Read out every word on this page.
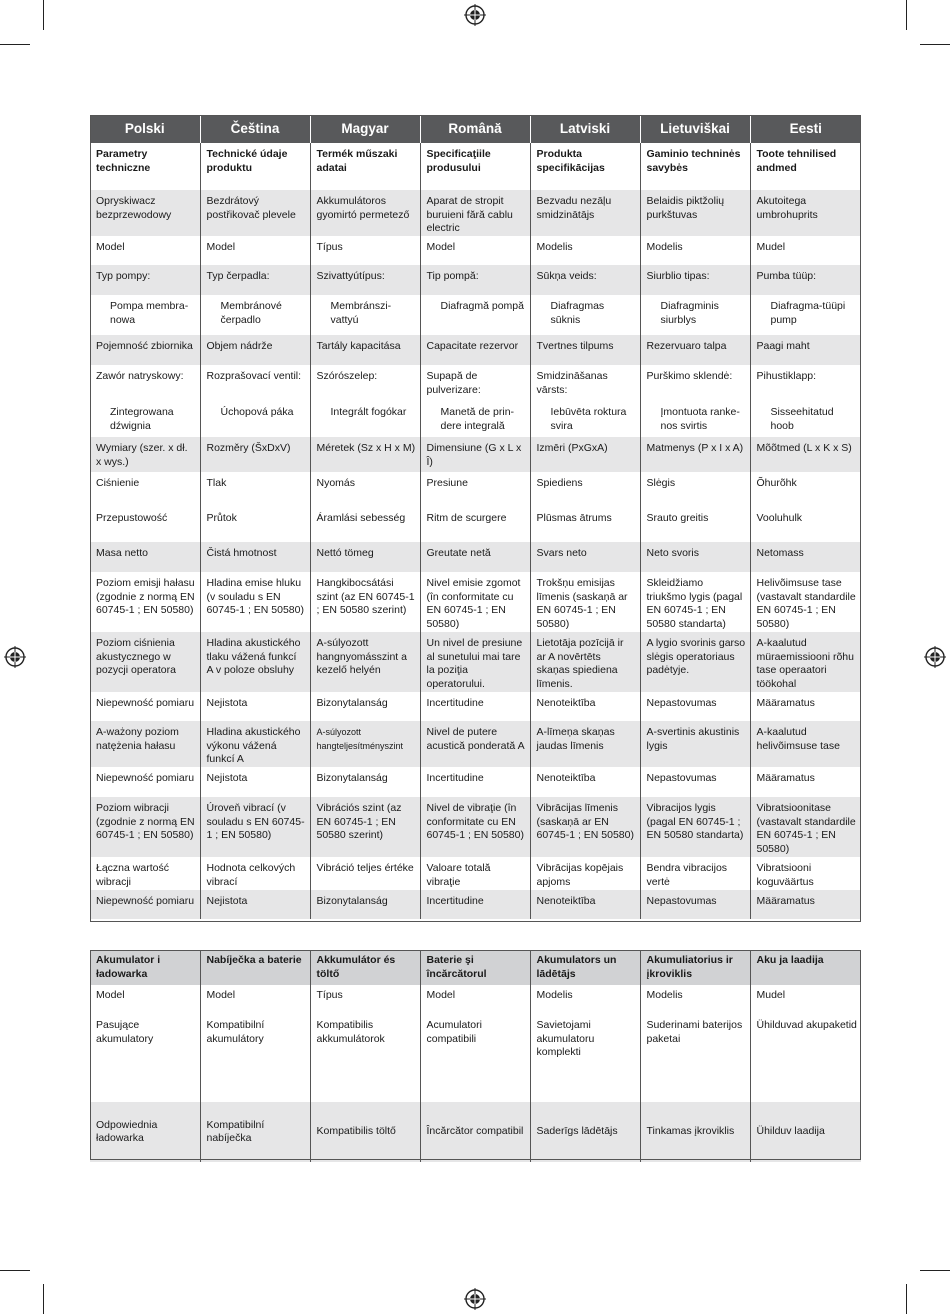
Polski	Čeština	Magyar	Română	Latviski	Lietuviškai	Eesti
Parametry techniczne	Technické údaje produktu	Termék műszaki adatai	Specificaţiile produsului	Produkta specifikācijas	Gaminio techninės savybės	Toote tehnilised andmed
Opryskiwacz bezprzewodowy	Bezdrátový postřikovač plevele	Akkumulátoros gyomirtó permetező	Aparat de stropit buruieni fără cablu electric	Bezvadu nezāļu smidzinātājs	Belaidis piktžolių purkštuvas	Akutoitega umbrohuprits
Model	Model	Típus	Model	Modelis	Modelis	Mudel
Typ pompy:	Typ čerpadla:	Szivattyútípus:	Tip pompă:	Sūkņa veids:	Siurblio tipas:	Pumba tüüp:
Pompa membra-nowa	Membránové čerpadlo	Membránszi-vattyú	Diafragmă pompă	Diafragmas sūknis	Diafragminis siurblys	Diafragma-tüüpi pump
Pojemność zbiornika	Objem nádrže	Tartály kapacitása	Capacitate rezervor	Tvertnes tilpums	Rezervuaro talpa	Paagi maht
Zawór natryskowy:	Rozprašovací ventil:	Szórószelep:	Supapă de pulverizare:	Smidzināšanas vārsts:	Purškimo sklendė:	Pihustiklapp:
Zintegrowana dźwignia	Úchopová páka	Integrált fogókar	Manetă de prin-dere integrală	Iebūvēta roktura svira	Įmontuota ranke-nos svirtis	Sisseehitatud hoob
Wymiary (szer. x dł. x wys.)	Rozměry (ŠxDxV)	Méretek (Sz x H x M)	Dimensiune (G x L x Î)	Izmēri (PxGxA)	Matmenys (P x I x A)	Mõõtmed (L x K x S)
Ciśnienie	Tlak	Nyomás	Presiune	Spiediens	Slėgis	Õhurõhk
Przepustowość	Průtok	Áramlási sebesség	Ritm de scurgere	Plūsmas ātrums	Srauto greitis	Vooluhulk
Masa netto	Čistá hmotnost	Nettó tömeg	Greutate netă	Svars neto	Neto svoris	Netomass
Poziom emisji hałasu (zgodnie z normą EN 60745-1 ; EN 50580)	Hladina emise hluku (v souladu s EN 60745-1 ; EN 50580)	Hangkibocsátási szint (az EN 60745-1 ; EN 50580 szerint)	Nivel emisie zgomot (în conformitate cu EN 60745-1 ; EN 50580)	Trokšņu emisijas līmenis (saskaņā ar EN 60745-1 ; EN 50580)	Skleidžiamo triukšmo lygis (pagal EN 60745-1 ; EN 50580 standarta)	Helivõimsuse tase (vastavalt standardile EN 60745-1 ; EN 50580)
Poziom ciśnienia akustycznego w pozycji operatora	Hladina akustického tlaku vážená funkcí A v poloze obsluhy	A-súlyozott hangnyomásszint a kezelő helyén	Un nivel de presiune al sunetului mai tare la poziţia operatorului.	Lietotāja pozīcijā ir ar A novērtēts skaņas spiediena līmenis.	A lygio svorinis garso slėgis operatoriaus padėtyje.	A-kaalutud müraemissiooni rõhu tase operaatori töökohal
Niepewność pomiaru	Nejistota	Bizonytalanság	Incertitudine	Nenoteiktība	Nepastovumas	Määramatus
A-ważony poziom natężenia hałasu	Hladina akustického výkonu vážená funkcí A	A-súlyozott hangteljesítményszint	Nivel de putere acustică ponderată A	A-līmeņa skaņas jaudas līmenis	A-svertinis akustinis lygis	A-kaalutud helivõimsuse tase
Niepewność pomiaru	Nejistota	Bizonytalanság	Incertitudine	Nenoteiktība	Nepastovumas	Määramatus
Poziom wibracji (zgodnie z normą EN 60745-1 ; EN 50580)	Úroveň vibrací (v souladu s EN 60745-1 ; EN 50580)	Vibrációs szint (az EN 60745-1 ; EN 50580 szerint)	Nivel de vibraţie (în conformitate cu EN 60745-1 ; EN 50580)	Vibrācijas līmenis (saskaņā ar EN 60745-1 ; EN 50580)	Vibracijos lygis (pagal EN 60745-1 ; EN 50580 standarta)	Vibratsioonitase (vastavalt standardile EN 60745-1 ; EN 50580)
Łączna wartość wibracji	Hodnota celkových vibrací	Vibráció teljes értéke	Valoare totală vibraţie	Vibrācijas kopējais apjoms	Bendra vibracijos vertė	Vibratsiooni koguväärtus
Niepewność pomiaru	Nejistota	Bizonytalanság	Incertitudine	Nenoteiktība	Nepastovumas	Määramatus
Akumulator i ładowarka	Nabíječka a baterie	Akkumulátor és töltő	Baterie şi încărcătorul	Akumulators un lādētājs	Akumuliatorius ir įkroviklis	Aku ja laadija
Model	Model	Típus	Model	Modelis	Modelis	Mudel
Pasujące akumulatory	Kompatibilní akumulátory	Kompatibilis akkumulátorok	Acumulatori compatibili	Savietojami akumulatoru komplekti	Suderinami baterijos paketai	Ühilduvad akupaketid
Odpowiednia ładowarka	Kompatibilní nabíječka	Kompatibilis töltő	Încărcător compatibil	Saderīgs lādētājs	Tinkamas įkroviklis	Ühilduv laadija
